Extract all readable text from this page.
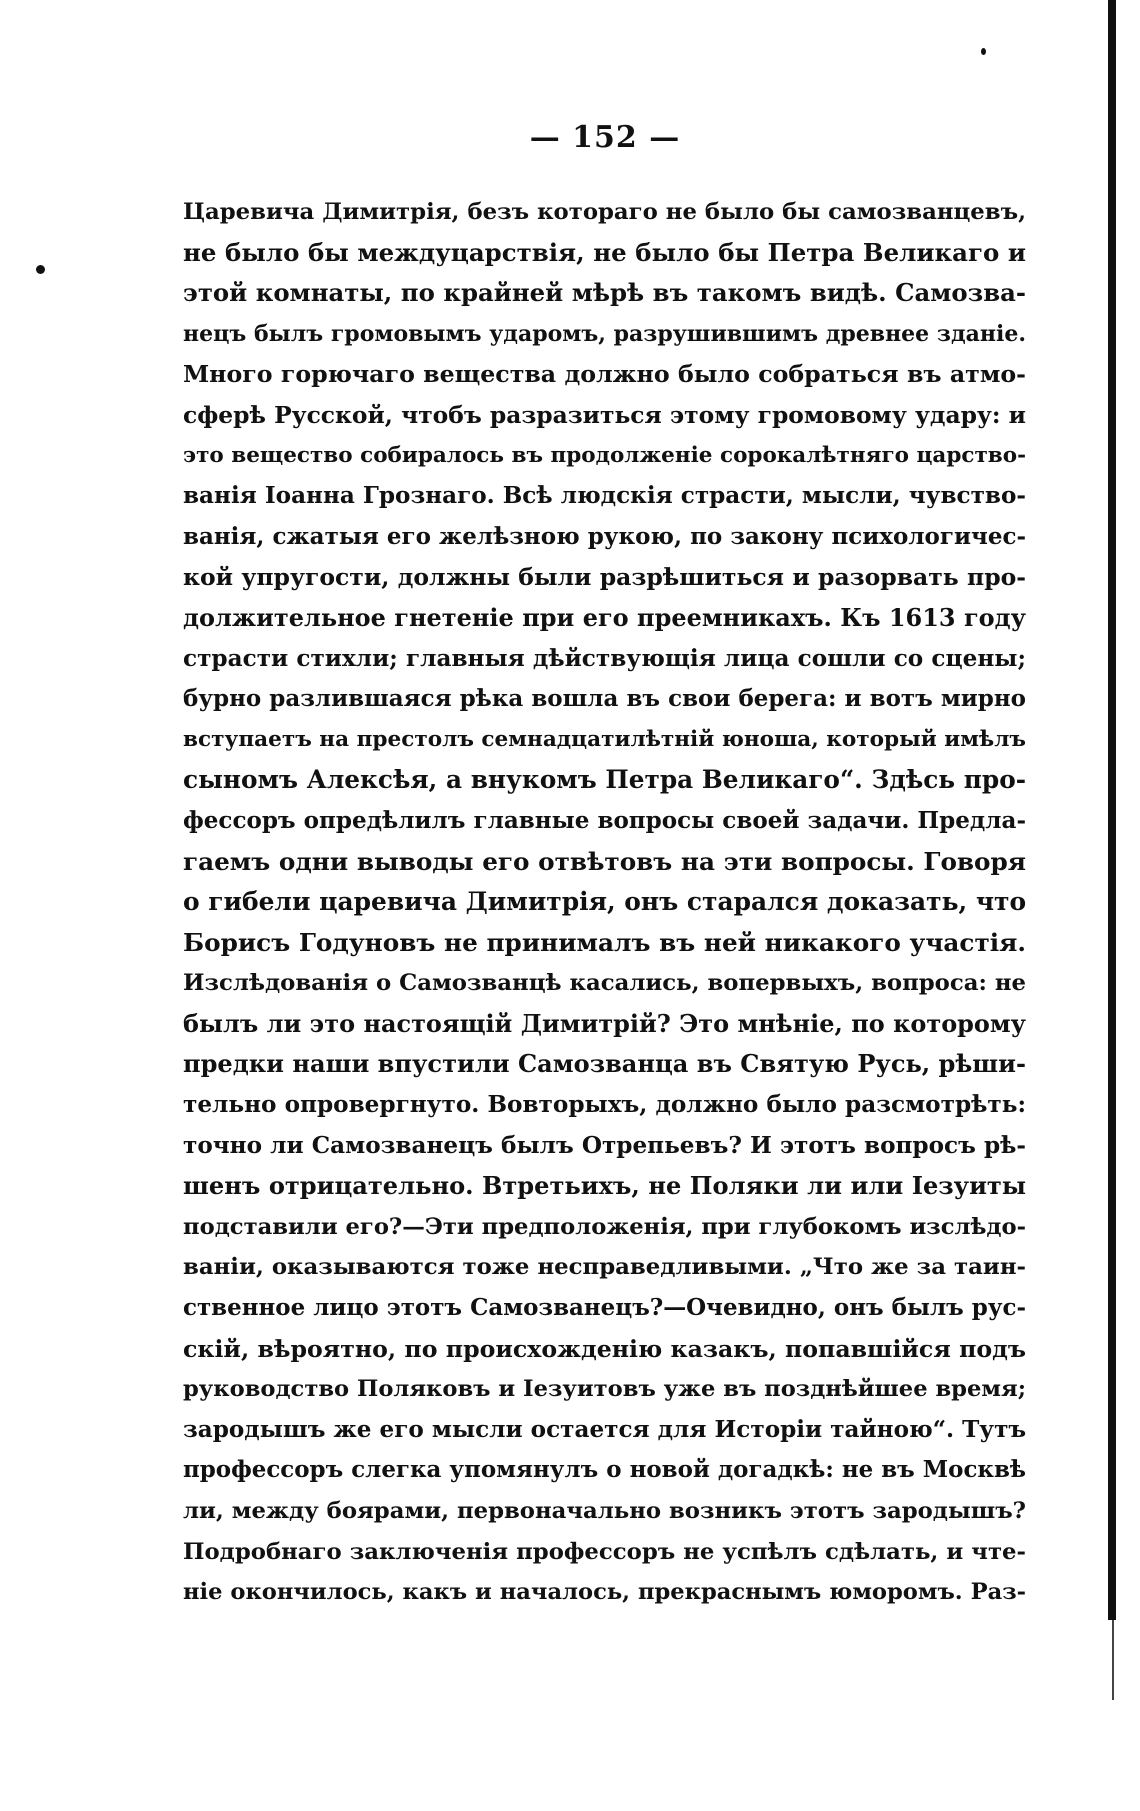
— 152 —
Царевича Димитрія, безъ котораго не было бы самозванцевъ,
не было бы междуцарствія, не было бы Петра Великаго и
этой комнаты, по крайней мѣрѣ въ такомъ видѣ. Самозва-
нецъ былъ громовымъ ударомъ, разрушившимъ древнее зданіе.
Много горючаго вещества должно было собраться въ атмо-
сферѣ Русской, чтобъ разразиться этому громовому удару: и
это вещество собиралось въ продолженіе сорокалѣтняго царство-
ванія Іоанна Грознаго. Всѣ людскія страсти, мысли, чувство-
ванія, сжатыя его желѣзною рукою, по закону психологичес-
кой упругости, должны были разрѣшиться и разорвать про-
должительное гнетеніе при его преемникахъ. Къ 1613 году
страсти стихли; главныя дѣйствующія лица сошли со сцены;
бурно разлившаяся рѣка вошла въ свои берега: и вотъ мирно
вступаетъ на престолъ семнадцатилѣтній юноша, который имѣлъ
сыномъ Алексѣя, а внукомъ Петра Великаго“. Здѣсь про-
фессоръ опредѣлилъ главные вопросы своей задачи. Предла-
гаемъ одни выводы его отвѣтовъ на эти вопросы. Говоря
о гибели царевича Димитрія, онъ старался доказать, что
Борисъ Годуновъ не принималъ въ ней никакого участія.
Изслѣдованія о Самозванцѣ касались, вопервыхъ, вопроса: не
былъ ли это настоящій Димитрій? Это мнѣніе, по которому
предки наши впустили Самозванца въ Святую Русь, рѣши-
тельно опровергнуто. Вовторыхъ, должно было разсмотрѣть:
точно ли Самозванецъ былъ Отрепьевъ? И этотъ вопросъ рѣ-
шенъ отрицательно. Втретьихъ, не Поляки ли или Іезуиты
подставили его?—Эти предположенія, при глубокомъ изслѣдо-
ваніи, оказываются тоже несправедливыми. „Что же за таин-
ственное лицо этотъ Самозванецъ?—Очевидно, онъ былъ рус-
скій, вѣроятно, по происхожденію казакъ, попавшійся подъ
руководство Поляковъ и Іезуитовъ уже въ позднѣйшее время;
зародышъ же его мысли остается для Исторіи тайною“. Тутъ
профессоръ слегка упомянулъ о новой догадкѣ: не въ Москвѣ
ли, между боярами, первоначально возникъ этотъ зародышъ?
Подробнаго заключенія профессоръ не успѣлъ сдѣлать, и чте-
ніе окончилось, какъ и началось, прекраснымъ юморомъ. Раз-
